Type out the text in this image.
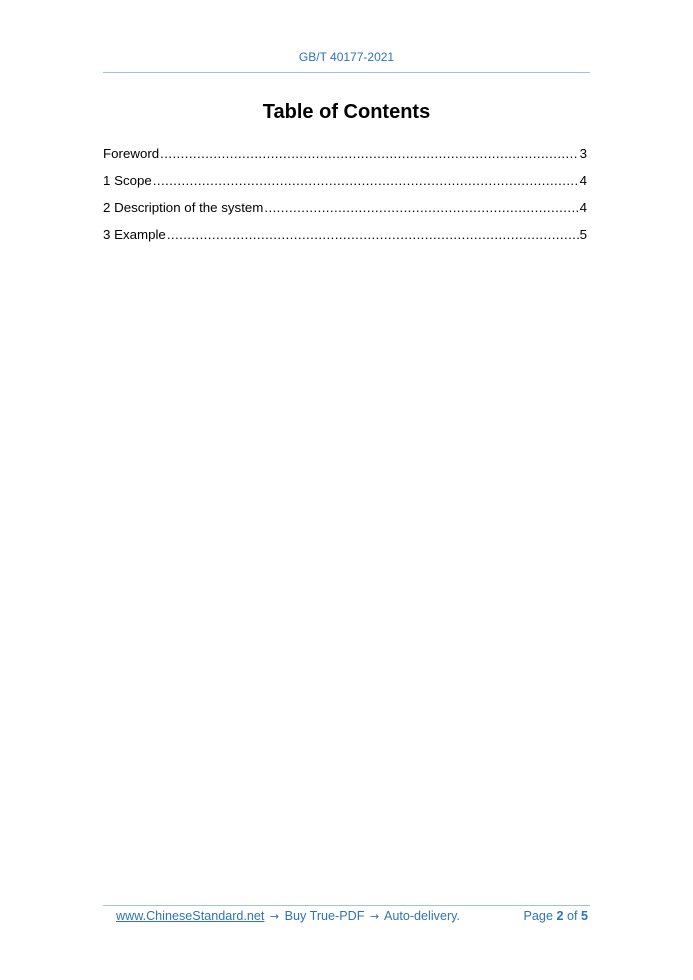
GB/T 40177-2021
Table of Contents
Foreword .....	3
1 Scope .....	4
2 Description of the system .....	4
3 Example .....	5
www.ChineseStandard.net → Buy True-PDF → Auto-delivery.	Page 2 of 5
